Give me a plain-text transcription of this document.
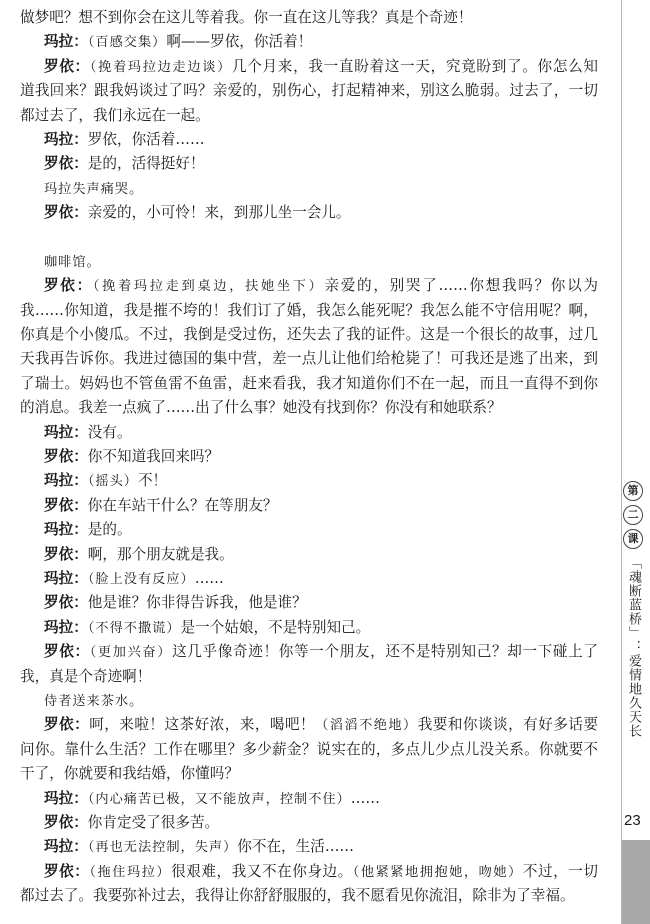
做梦吧？想不到你会在这儿等着我。你一直在这儿等我？真是个奇迹！
玛拉：（百感交集）啊——罗依，你活着！
罗依：（挽着玛拉边走边谈）几个月来，我一直盼着这一天，究竟盼到了。你怎么知
道我回来？跟我妈谈过了吗？亲爱的，别伤心，打起精神来，别这么脆弱。过去了，一切
都过去了，我们永远在一起。
玛拉：罗依，你活着……
罗依：是的，活得挺好！
玛拉失声痛哭。
罗依：亲爱的，小可怜！来，到那儿坐一会儿。
咖啡馆。
罗依：（挽着玛拉走到桌边，扶她坐下）亲爱的，别哭了……你想我吗？你以为
我……你知道，我是摧不垮的！我们订了婚，我怎么能死呢？我怎么能不守信用呢？啊，
你真是个小傻瓜。不过，我倒是受过伤，还失去了我的证件。这是一个很长的故事，过几
天我再告诉你。我进过德国的集中营，差一点儿让他们给枪毙了！可我还是逃了出来，到
了瑞士。妈妈也不管鱼雷不鱼雷，赶来看我，我才知道你们不在一起，而且一直得不到你
的消息。我差一点疯了……出了什么事？她没有找到你？你没有和她联系？
玛拉：没有。
罗依：你不知道我回来吗？
玛拉：（摇头）不！
罗依：你在车站干什么？在等朋友？
玛拉：是的。
罗依：啊，那个朋友就是我。
玛拉：（脸上没有反应）……
罗依：他是谁？你非得告诉我，他是谁？
玛拉：（不得不撒谎）是一个姑娘，不是特别知己。
罗依：（更加兴奋）这几乎像奇迹！你等一个朋友，还不是特别知己？却一下碰上了
我，真是个奇迹啊！
侍者送来茶水。
罗依：呵，来啦！这茶好浓，来，喝吧！（滔滔不绝地）我要和你谈谈，有好多话要
问你。靠什么生活？工作在哪里？多少薪金？说实在的，多点儿少点儿没关系。你就要不
干了，你就要和我结婚，你懂吗？
玛拉：（内心痛苦已极，又不能放声，控制不住）……
罗依：你肯定受了很多苦。
玛拉：（再也无法控制，失声）你不在，生活……
罗依：（拖住玛拉）很艰难，我又不在你身边。（他紧紧地拥抱她，吻她）不过，一切
都过去了。我要弥补过去，我得让你舒舒服服的，我不愿看见你流泪，除非为了幸福。
第
二
课
「魂断蓝桥」：爱情地久天长
23
